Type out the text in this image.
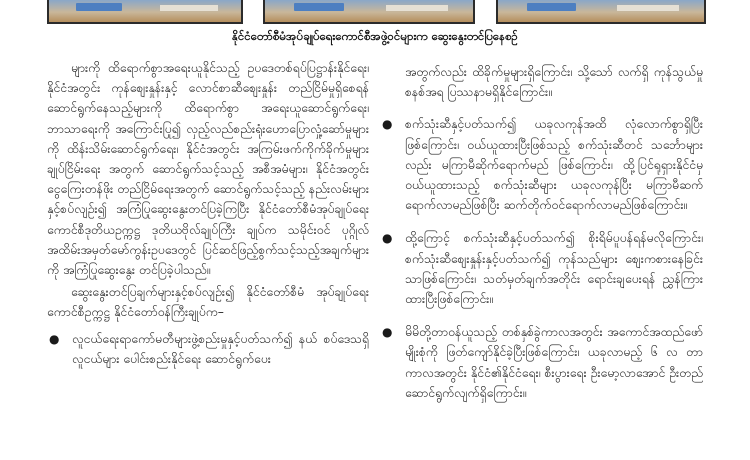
နိုင်ငံတော်စီမံအုပ်ချုပ်ရေးကောင်စီအဖွဲ့ဝင်များက ဆွေးနွေးတင်ပြနေစဉ်

များကို ထိရောက်စွာအရေးယူနိုင်သည့် ဥပဒေတစ်ရပ်ပြဋ္ဌာန်းနိုင်ရေး၊ နိုင်ငံအတွင်း ကုန်စျေးနှုန်းနှင့် လောင်စာဆီစျေးနှုန်း တည်ငြိမ်မှုရှိစေရန် ဆောင်ရွက်နေသည့်များကို ထိရောက်စွာ အရေးယူဆောင်ရွက်ရေး၊ ဘာသာရေးကို အကြောင်းပြု၍ လှည့်လည်စည်းရုံးဟောပြောလှုံ့ဆော်မှုများကို ထိန်းသိမ်းဆောင်ရွက်ရေး၊ နိုင်ငံအတွင်း အကြမ်းဖက်ကိုက်ခိုက်မှုများချုပ်ငြိမ်းရေး အတွက် ဆောင်ရွက်သင့်သည့် အစီအမံများ၊ နိုင်ငံအတွင်း ငွေကြေးတန်ဖိုး တည်ငြိမ်ရေးအတွက် ဆောင်ရွက်သင့်သည့် နည်းလမ်းများနှင့်စပ်လျဉ်း၍ အကြံပြုဆွေးနွေးတင်ပြခဲ့ကြပြီး နိုင်ငံတော်စီမံအုပ်ချုပ်ရေးကောင်စီဒုတိယဥက္ကဋ္ဌ ဒုတိယဗိုလ်ချုပ်ကြီး ချုပ်က သမိုင်းဝင် ပုဂ္ဂိုလ်အထိမ်းအမှတ်မော်ကွန်းဥပဒေတွင် ပြင်ဆင်ဖြည့်စွက်သင့်သည့်အချက်များကို အကြံပြုဆွေးနွေး တင်ပြခဲ့ပါသည်။

ဆွေးနွေးတင်ပြချက်များနှင့်စပ်လျဉ်း၍ နိုင်ငံတော်စီမံ အုပ်ချုပ်ရေးကောင်စီဥက္ကဋ္ဌ နိုင်ငံတော်ဝန်ကြီးချုပ်က–

● လူငယ်ရေးရာကော်မတီများဖွဲ့စည်းမှုနှင့်ပတ်သက်၍ နယ် စပ်ဒေသရှိ လူငယ်များ ပေါင်းစည်းနိုင်ရေး ဆောင်ရွက်ပေး

အတွက်လည်း ထိခိုက်မှုများရှိကြောင်း၊ သို့သော် လက်ရှိ ကုန်သွယ်မှုစနစ်အရ ပြဿနာမရှိနိုင်ကြောင်း။

● စက်သုံးဆီနှင့်ပတ်သက်၍ ယခုလကုန်အထိ လုံလောက်စွာရှိပြီးဖြစ်ကြောင်း၊ ဝယ်ယူထားပြီးဖြစ်သည့် စက်သုံးဆီတင် သင်္ဘောများလည်း မကြာမီဆိုက်ရောက်မည် ဖြစ်ကြောင်း၊ ထို့ပြင်ရုရှားနိုင်ငံမှ ဝယ်ယူထားသည့် စက်သုံးဆီများ ယခုလကုန်ပြီး မကြာမီဆက်ရောက်လာမည်ဖြစ်ပြီး ဆက်တိုက်ဝင်ရောက်လာမည်ဖြစ်ကြောင်း။
● ထို့ကြောင့် စက်သုံးဆီနှင့်ပတ်သက်၍ စိုးရိမ်ပူပန်ရန်မလိုကြောင်း၊ စက်သုံးဆီစျေးနှုန်းနှင့်ပတ်သက်၍ ကုန်သည်များ စျေးကစားနေခြင်းသာဖြစ်ကြောင်း၊ သတ်မှတ်ချက်အတိုင်း ရောင်းချပေးရန် ညွှန်ကြားထားပြီးဖြစ်ကြောင်း။
● မိမိတို့တာဝန်ယူသည့် တစ်နှစ်ခွဲကာလအတွင်း အကောင်အထည်ဖော် မျိုးစုံကို ဖြတ်ကျော်နိုင်ခဲ့ပြီးဖြစ်ကြောင်း၊ ယခုလာမည့် ၆ လ တာ ကာလအတွင်း နိုင်ငံ၏နိုင်ငံရေး၊ စီးပွားရေး ဦးမော့လာအောင် ဦးတည်ဆောင်ရွက်လျက်ရှိကြောင်း။
